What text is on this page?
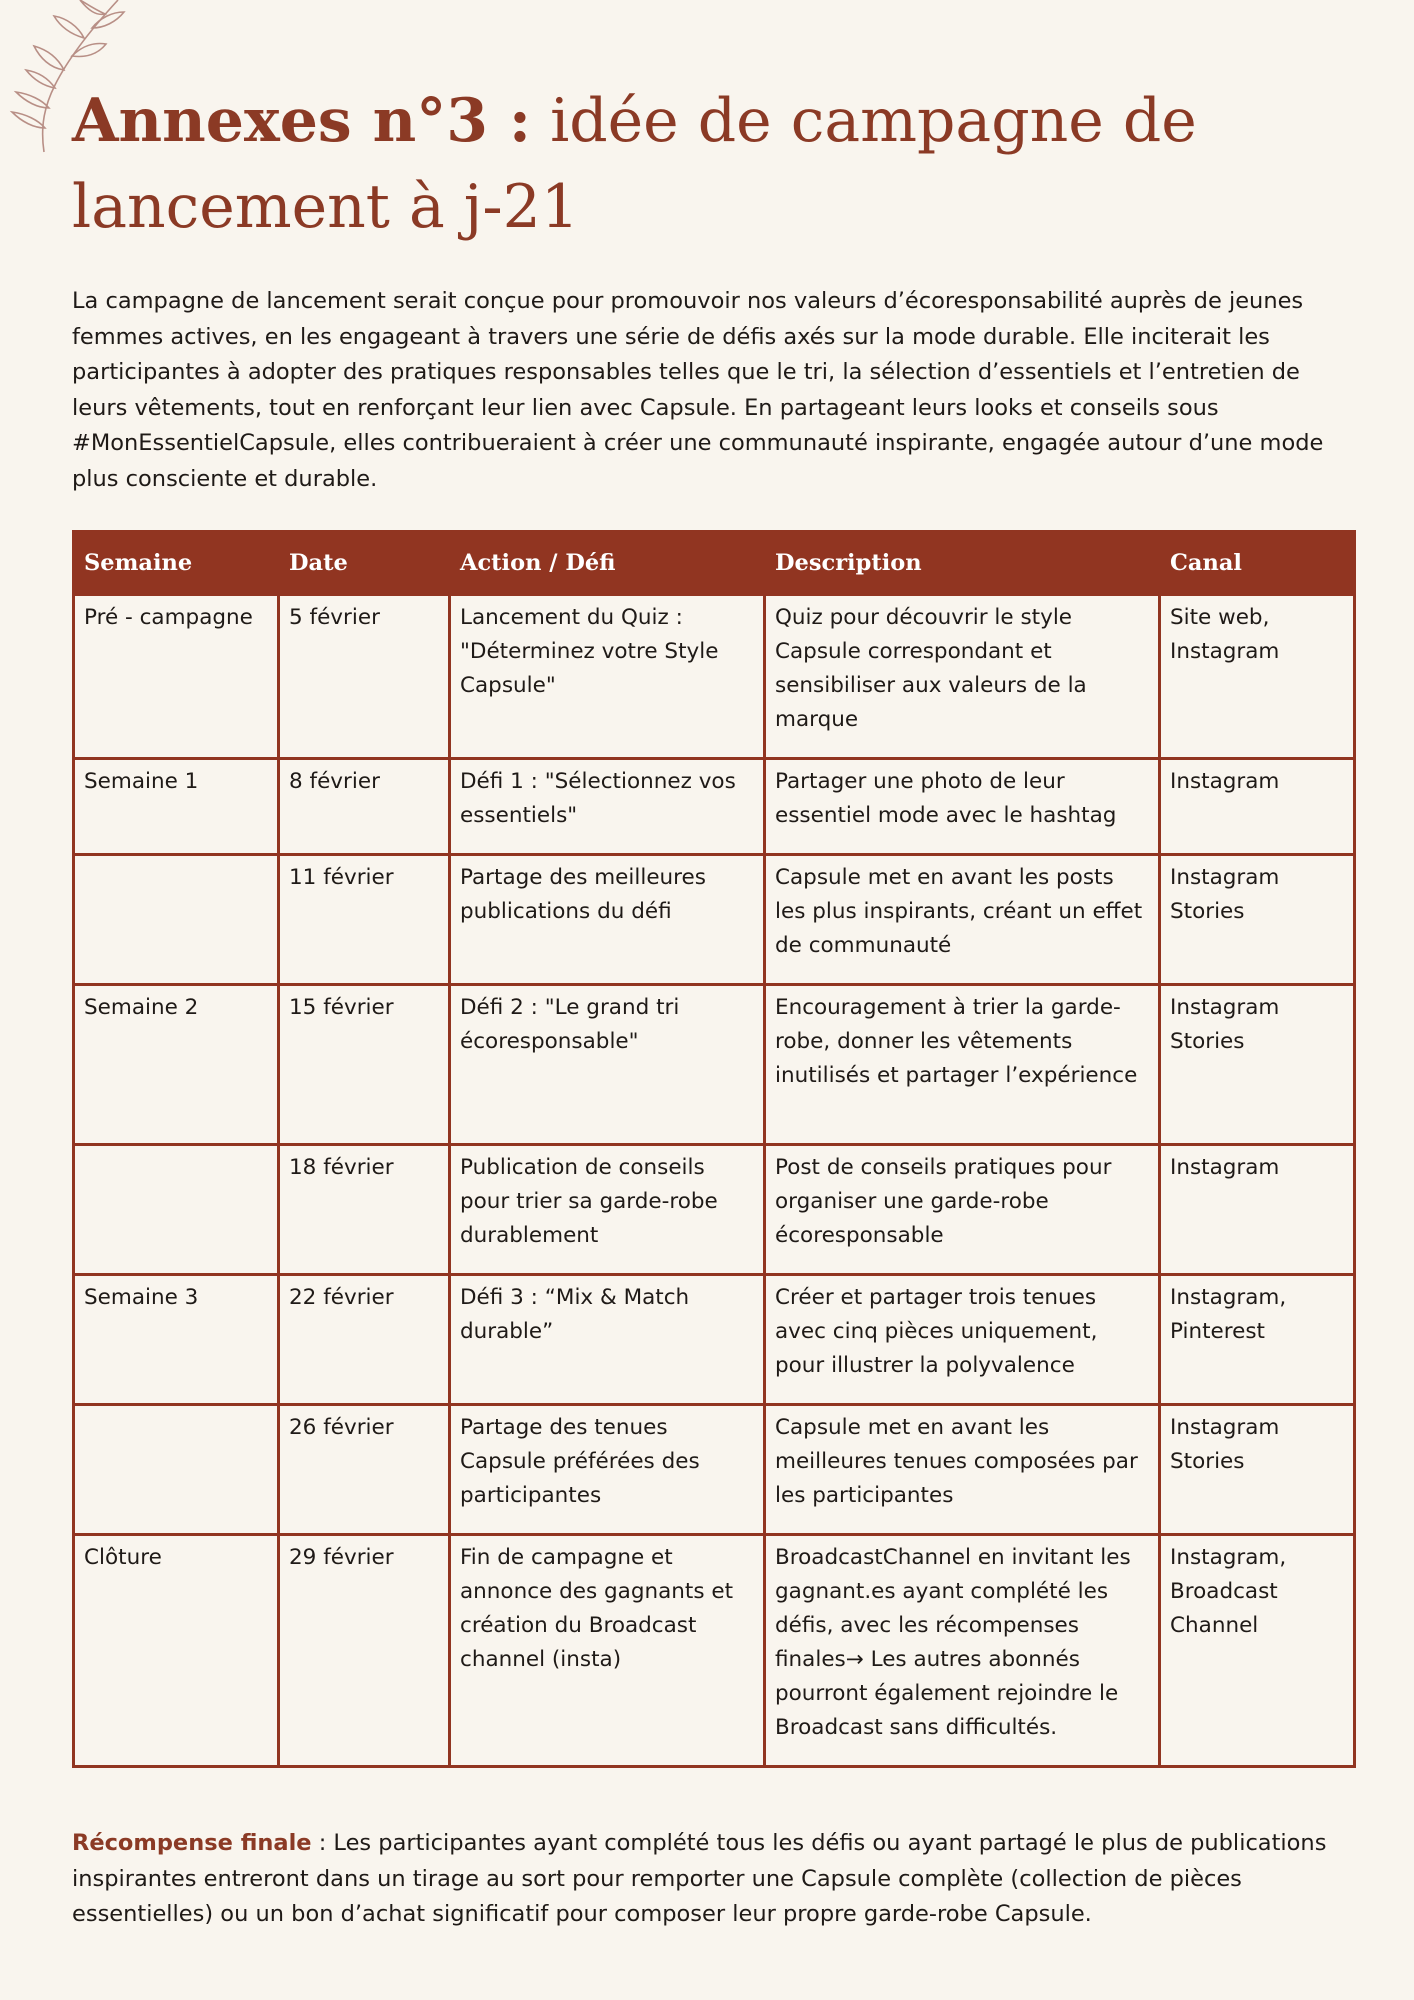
Annexes n°3 : idée de campagne de lancement à j-21

La campagne de lancement serait conçue pour promouvoir nos valeurs d’écoresponsabilité auprès de jeunes femmes actives, en les engageant à travers une série de défis axés sur la mode durable. Elle inciterait les participantes à adopter des pratiques responsables telles que le tri, la sélection d’essentiels et l’entretien de leurs vêtements, tout en renforçant leur lien avec Capsule. En partageant leurs looks et conseils sous #MonEssentielCapsule, elles contribueraient à créer une communauté inspirante, engagée autour d’une mode plus consciente et durable.

Semaine	Date	Action / Défi	Description	Canal
Pré - campagne	5 février	Lancement du Quiz : "Déterminez votre Style Capsule"	Quiz pour découvrir le style Capsule correspondant et sensibiliser aux valeurs de la marque	Site web, Instagram
Semaine 1	8 février	Défi 1 : "Sélectionnez vos essentiels"	Partager une photo de leur essentiel mode avec le hashtag	Instagram
	11 février	Partage des meilleures publications du défi	Capsule met en avant les posts les plus inspirants, créant un effet de communauté	Instagram Stories
Semaine 2	15 février	Défi 2 : "Le grand tri écoresponsable"	Encouragement à trier la garde-robe, donner les vêtements inutilisés et partager l’expérience	Instagram Stories
	18 février	Publication de conseils pour trier sa garde-robe durablement	Post de conseils pratiques pour organiser une garde-robe écoresponsable	Instagram
Semaine 3	22 février	Défi 3 : “Mix & Match durable”	Créer et partager trois tenues avec cinq pièces uniquement, pour illustrer la polyvalence	Instagram, Pinterest
	26 février	Partage des tenues Capsule préférées des participantes	Capsule met en avant les meilleures tenues composées par les participantes	Instagram Stories
Clôture	29 février	Fin de campagne et annonce des gagnants et création du Broadcast channel (insta)	BroadcastChannel en invitant les gagnant.es ayant complété les défis, avec les récompenses finales→ Les autres abonnés pourront également rejoindre le Broadcast sans difficultés.	Instagram, Broadcast Channel

Récompense finale : Les participantes ayant complété tous les défis ou ayant partagé le plus de publications inspirantes entreront dans un tirage au sort pour remporter une Capsule complète (collection de pièces essentielles) ou un bon d’achat significatif pour composer leur propre garde-robe Capsule.
